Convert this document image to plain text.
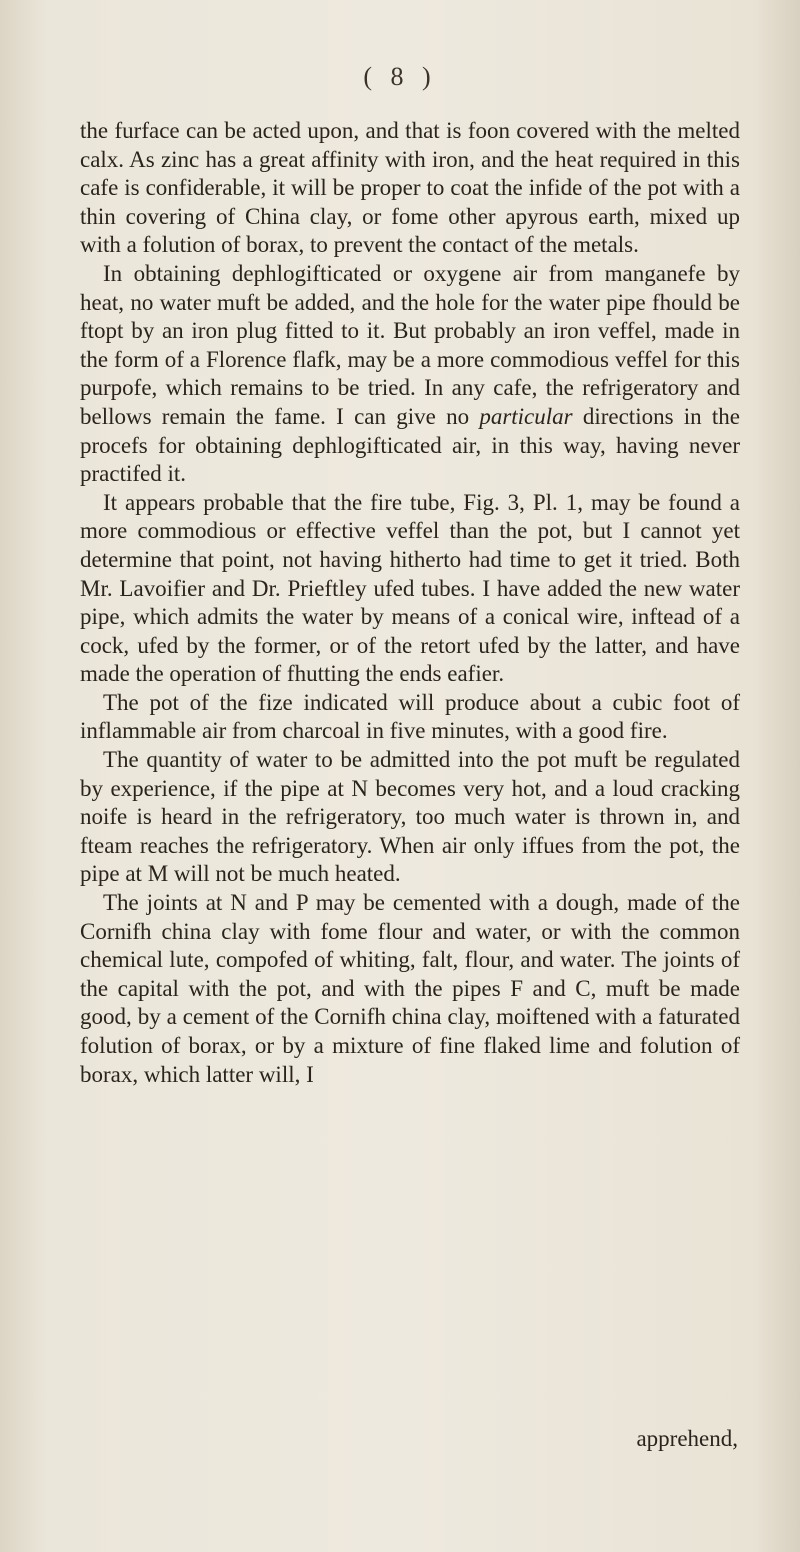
( 8 )

the furface can be acted upon, and that is foon covered with the melted calx. As zinc has a great affinity with iron, and the heat required in this cafe is confiderable, it will be proper to coat the infide of the pot with a thin covering of China clay, or fome other apyrous earth, mixed up with a folution of borax, to prevent the contact of the metals.

In obtaining dephlogifticated or oxygene air from manganefe by heat, no water muft be added, and the hole for the water pipe fhould be ftopt by an iron plug fitted to it. But probably an iron veffel, made in the form of a Florence flafk, may be a more commodious veffel for this purpofe, which remains to be tried. In any cafe, the refrigeratory and bellows remain the fame. I can give no particular directions in the procefs for obtaining dephlogifticated air, in this way, having never practifed it.

It appears probable that the fire tube, Fig. 3, Pl. 1, may be found a more commodious or effective veffel than the pot, but I cannot yet determine that point, not having hitherto had time to get it tried. Both Mr. Lavoifier and Dr. Prieftley ufed tubes. I have added the new water pipe, which admits the water by means of a conical wire, inftead of a cock, ufed by the former, or of the retort ufed by the latter, and have made the operation of fhutting the ends eafier.

The pot of the fize indicated will produce about a cubic foot of inflammable air from charcoal in five minutes, with a good fire.

The quantity of water to be admitted into the pot muft be regulated by experience, if the pipe at N becomes very hot, and a loud cracking noife is heard in the refrigeratory, too much water is thrown in, and fteam reaches the refrigeratory. When air only iffues from the pot, the pipe at M will not be much heated.

The joints at N and P may be cemented with a dough, made of the Cornifh china clay with fome flour and water, or with the common chemical lute, compofed of whiting, falt, flour, and water. The joints of the capital with the pot, and with the pipes F and C, muft be made good, by a cement of the Cornifh china clay, moiftened with a faturated folution of borax, or by a mixture of fine flaked lime and folution of borax, which latter will, I

apprehend,
